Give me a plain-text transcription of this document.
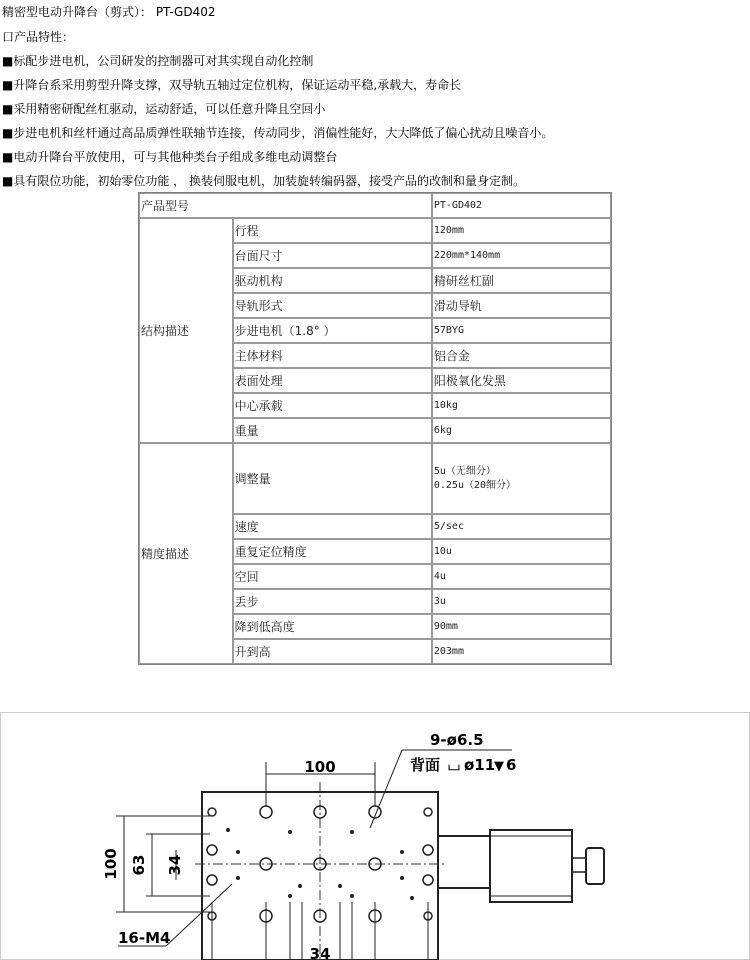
精密型电动升降台（剪式）： PT-GD402
口产品特性：
■标配步进电机，公司研发的控制器可对其实现自动化控制
■升降台系采用剪型升降支撑，双导轨五轴过定位机构，保证运动平稳,承载大，寿命长
■采用精密研配丝杠驱动，运动舒适，可以任意升降且空回小
■步进电机和丝杆通过高品质弹性联轴节连接，传动同步，消偏性能好，大大降低了偏心扰动且噪音小。
■电动升降台平放使用，可与其他种类台子组成多维电动调整台
■具有限位功能，初始零位功能 ， 换装伺服电机，加装旋转编码器，接受产品的改制和量身定制。
产品型号		PT-GD402
结构描述	行程	120mm
	台面尺寸	220mm*140mm
	驱动机构	精研丝杠副
	导轨形式	滑动导轨
	步进电机（1.8° ）	57BYG
	主体材料	铝合金
	表面处理	阳极氧化发黑
	中心承载	10kg
	重量	6kg
精度描述	调整量	5u（无细分）
0.25u（20细分）

	速度	5/sec
	重复定位精度	10u
	空回	4u
	丢步	3u
	降到低高度	90mm
	升到高	203mm
100
9-ø6.5
背面 ⌴ ø11
▼ 6
100 63 34
16-M4
34
